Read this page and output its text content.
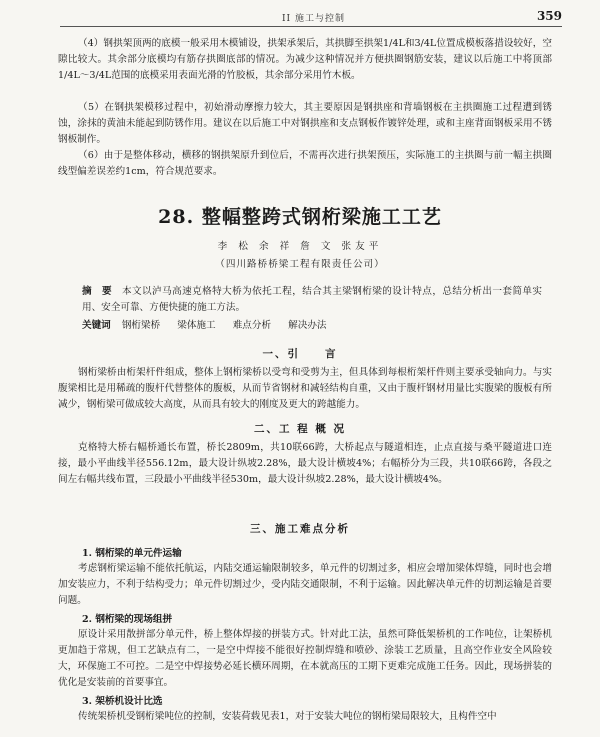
II 施工与控制	359
（4）钢拱架顶两的底模一般采用木模铺设，拱架承架后，其拱脚至拱架1/4L和3/4L位置成模板落措设较好，空隙比较大。其余部分底模均有筋存拱圈底部的情况。为减少这种情况并方便拱圈钢筋安装，建议以后施工中将顶部1/4L～3/4L范围的底模采用表面光滑的竹胶板，其余部分采用竹木板。
（5）在钢拱架模移过程中，初始滑动摩擦力较大，其主要原因是钢拱座和背墙钢板在主拱圈施工过程遭到锈蚀，涂抹的黄油未能起到防锈作用。建议在以后施工中对钢拱座和支点钢板作镀锌处理，或和主座背面钢板采用不锈钢板制作。
（6）由于是整体移动，横移的钢拱架原升到位后，不需再次进行拱架预压，实际施工的主拱圈与前一幅主拱圈线型偏差误差约1cm，符合规范要求。
28. 整幅整跨式钢桁梁施工工艺
李 松 余 祥 詹 文 张友平
（四川路桥桥梁工程有限责任公司）
摘　要 本文以泸马高速克格特大桥为依托工程，结合其主梁钢桁梁的设计特点，总结分析出一套简单实用、安全可靠、方便快捷的施工方法。
关键词 钢桁梁桥 梁体施工 难点分析 解决办法
一、引　　言
钢桁梁桥由桁架杆件组成，整体上钢桁梁桥以受弯和受剪为主，但具体到每根桁架杆件则主要承受轴向力。与实腹梁相比是用稀疏的腹杆代替整体的腹板，从而节省钢材和减轻结构自重，又由于腹杆钢材用量比实腹梁的腹板有所减少，钢桁梁可做成较大高度，从而具有较大的刚度及更大的跨越能力。
二、工 程 概 况
克格特大桥右幅桥通长布置，桥长2809m，共10联66跨，大桥起点与隧道相连，止点直接与桑平隧道进口连接，最小平曲线半径556.12m，最大设计纵坡2.28%，最大设计横坡4%；右幅桥分为三段，共10联66跨，各段之间左右幅共线布置，三段最小平曲线半径530m，最大设计纵坡2.28%，最大设计横坡4%。
三、施工难点分析
1. 钢桁梁的单元件运输
考虑钢桁梁运输不能依托航运，内陆交通运输限制较多，单元件的切割过多，相应会增加梁体焊缝，同时也会增加安装应力，不利于结构受力；单元件切割过少，受内陆交通限制，不利于运输。因此解决单元件的切割运输是首要问题。
2. 钢桁梁的现场组拼
原设计采用散拼部分单元件，桥上整体焊接的拼装方式。针对此工法，虽然可降低架桥机的工作吨位，让架桥机更加趋于常规，但工艺缺点有二，一是空中焊接不能很好控制焊缝和喷砂、涂装工艺质量，且高空作业安全风险较大，环保施工不可控。二是空中焊接势必延长横环周期，在本就高压的工期下更难完成施工任务。因此，现场拼装的优化是安装前的首要事宜。
3. 架桥机设计比选
传统架桥机受钢桁梁吨位的控制，安装荷载见表1，对于安装大吨位的钢桁梁局限较大，且构件空中
